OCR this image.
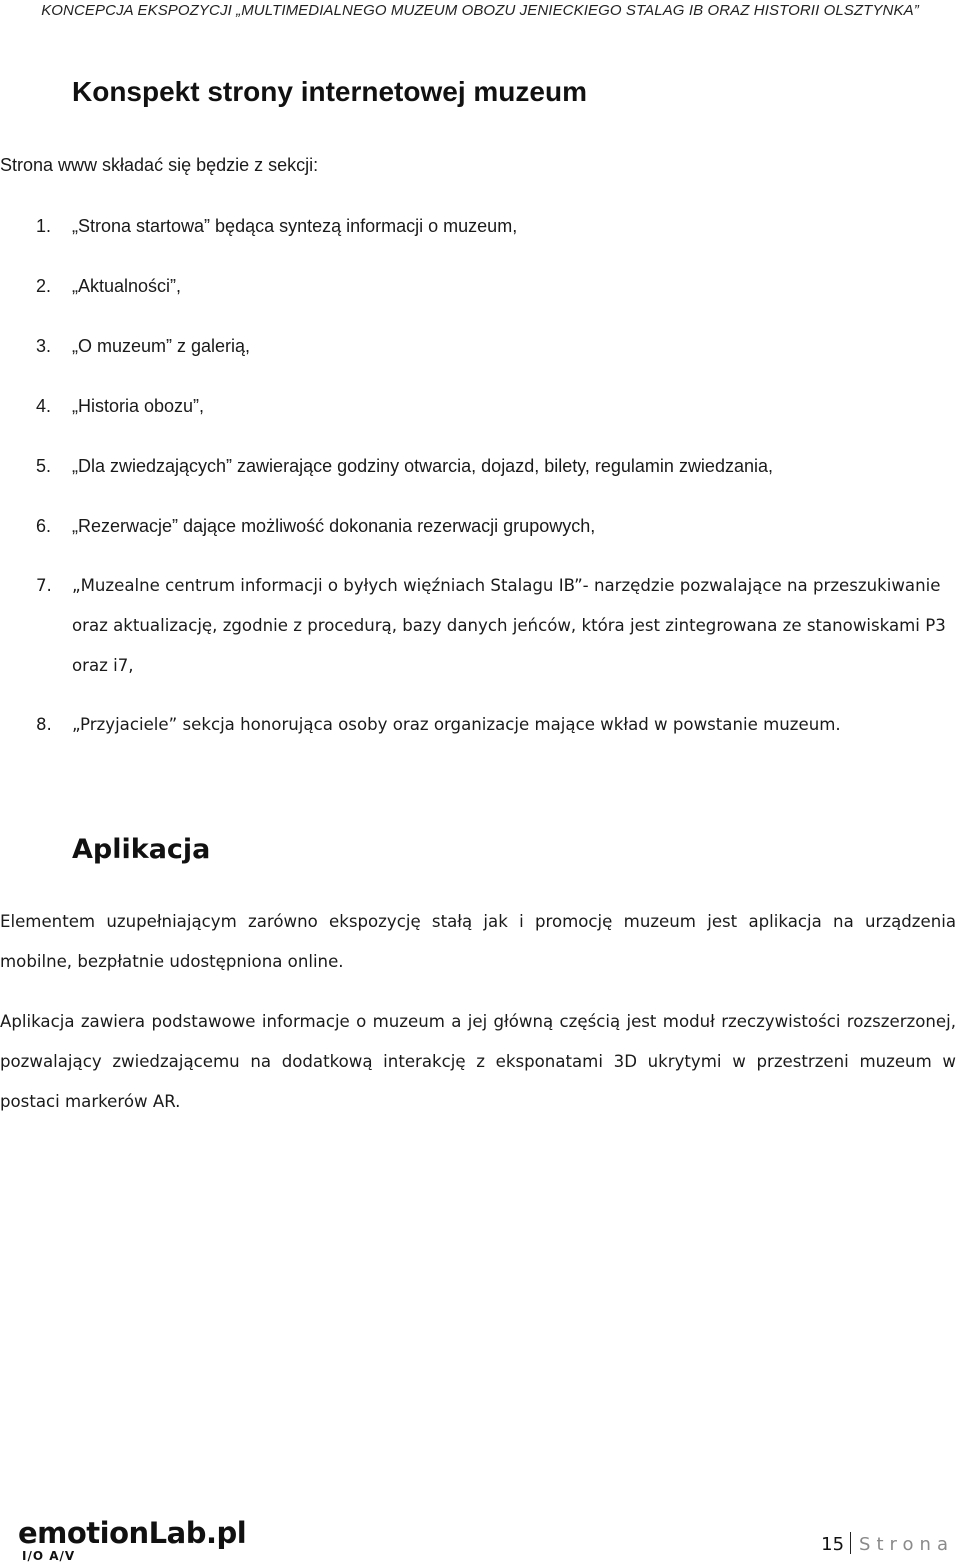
KONCEPCJA EKSPOZYCJI „MULTIMEDIALNEGO MUZEUM OBOZU JENIECKIEGO STALAG IB ORAZ HISTORII OLSZTYNKA”
Konspekt strony internetowej muzeum
Strona www składać się będzie z sekcji:
1. „Strona startowa” będąca syntezą informacji o muzeum,
2. „Aktualności”,
3. „O muzeum” z galerią,
4. „Historia obozu”,
5. „Dla zwiedzających” zawierające godziny otwarcia, dojazd, bilety, regulamin zwiedzania,
6. „Rezerwacje” dające możliwość dokonania rezerwacji grupowych,
7. „Muzealne centrum informacji o byłych więźniach Stalagu IB”- narzędzie pozwalające na przeszukiwanie oraz aktualizację, zgodnie z procedurą, bazy danych jeńców, która jest zintegrowana ze stanowiskami P3 oraz i7,
8. „Przyjaciele” sekcja honorująca osoby oraz organizacje mające wkład w powstanie muzeum.
Aplikacja

Elementem uzupełniającym zarówno ekspozycję stałą jak i promocję muzeum jest aplikacja na urządzenia mobilne, bezpłatnie udostępniona online.

Aplikacja zawiera podstawowe informacje o muzeum a jej główną częścią jest moduł rzeczywistości rozszerzonej, pozwalający zwiedzającemu na dodatkową interakcję z eksponatami 3D ukrytymi w przestrzeni muzeum w postaci markerów AR.

emotionLab.pl
I/O A/V
15 Strona
